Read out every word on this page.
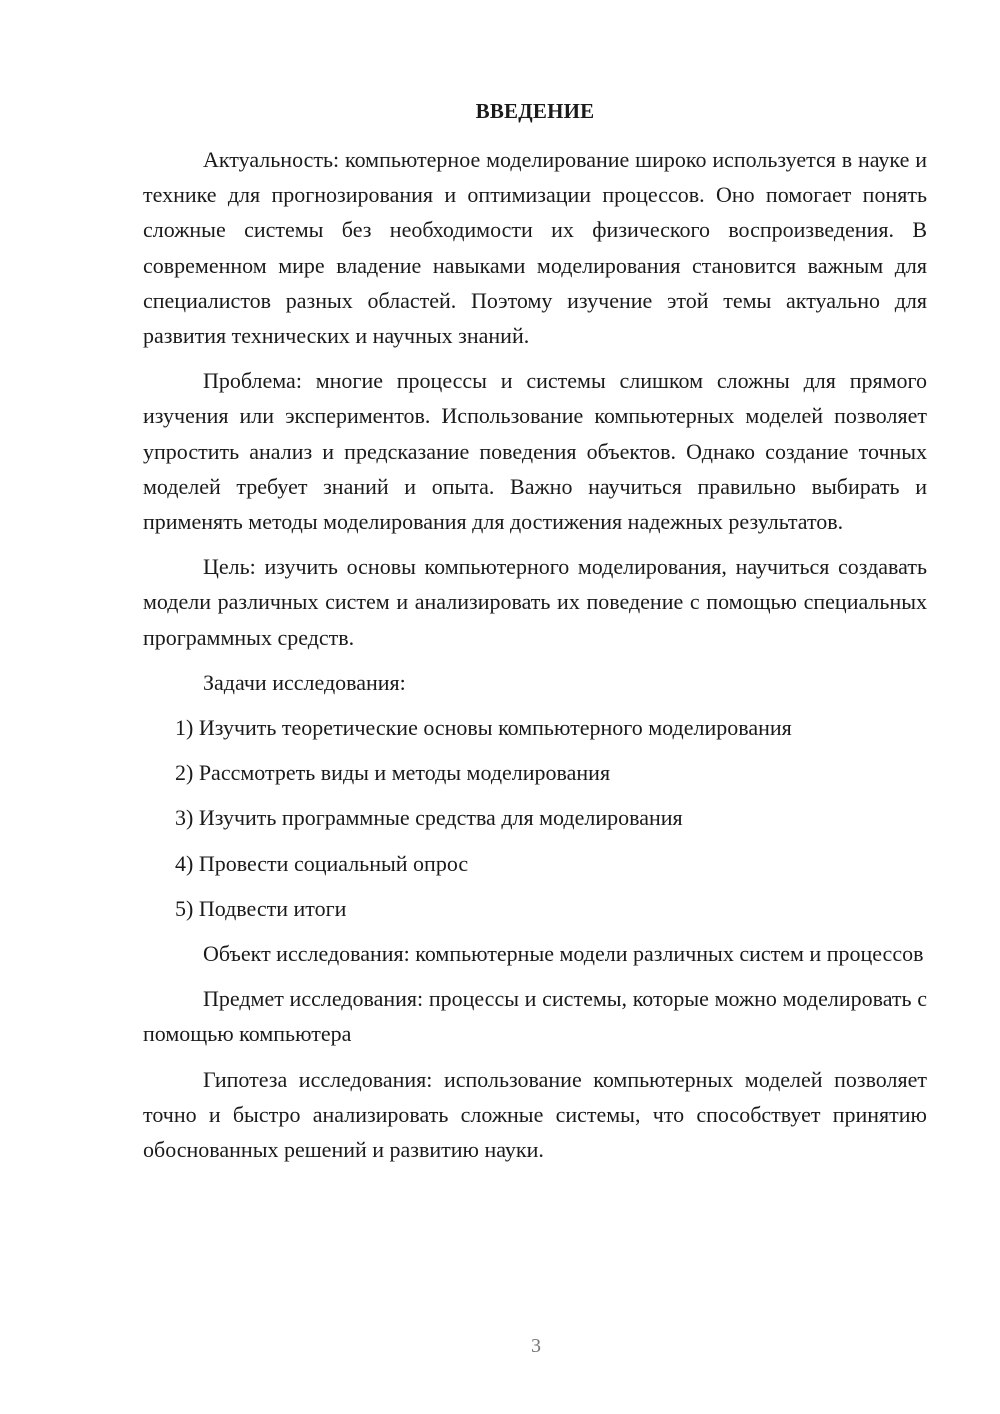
ВВЕДЕНИЕ

Актуальность: компьютерное моделирование широко используется в науке и технике для прогнозирования и оптимизации процессов. Оно помогает понять сложные системы без необходимости их физического воспроизведения. В современном мире владение навыками моделирования становится важным для специалистов разных областей. Поэтому изучение этой темы актуально для развития технических и научных знаний.

Проблема: многие процессы и системы слишком сложны для прямого изучения или экспериментов. Использование компьютерных моделей позволяет упростить анализ и предсказание поведения объектов. Однако создание точных моделей требует знаний и опыта. Важно научиться правильно выбирать и применять методы моделирования для достижения надежных результатов.

Цель: изучить основы компьютерного моделирования, научиться создавать модели различных систем и анализировать их поведение с помощью специальных программных средств.

Задачи исследования:

1) Изучить теоретические основы компьютерного моделирования
2) Рассмотреть виды и методы моделирования
3) Изучить программные средства для моделирования
4) Провести социальный опрос
5) Подвести итоги

Объект исследования: компьютерные модели различных систем и процессов

Предмет исследования: процессы и системы, которые можно моделировать с помощью компьютера

Гипотеза исследования: использование компьютерных моделей позволяет точно и быстро анализировать сложные системы, что способствует принятию обоснованных решений и развитию науки.

3
